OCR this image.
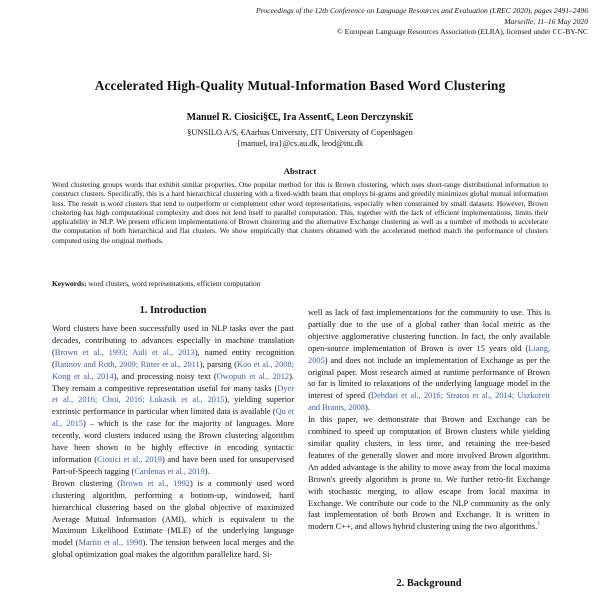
Proceedings of the 12th Conference on Language Resources and Evaluation (LREC 2020), pages 2491–2496
Marseille, 11–16 May 2020
© European Language Resources Association (ELRA), licensed under CC-BY-NC
Accelerated High-Quality Mutual-Information Based Word Clustering
Manuel R. Ciosici§€£, Ira Assent€, Leon Derczynski£
§UNSILO A/S, €Aarhus University, £IT University of Copenhagen
{manuel, ira}@cs.au.dk, leod@itu.dk
Abstract
Word clustering groups words that exhibit similar properties. One popular method for this is Brown clustering, which uses short-range distributional information to construct clusters. Specifically, this is a hard hierarchical clustering with a fixed-width beam that employs bi-grams and greedily minimizes global mutual information loss. The result is word clusters that tend to outperform or complement other word representations, especially when constrained by small datasets. However, Brown clustering has high computational complexity and does not lend itself to parallel computation. This, together with the lack of efficient implementations, limits their applicability in NLP. We present efficient implementations of Brown clustering and the alternative Exchange clustering as well as a number of methods to accelerate the computation of both hierarchical and flat clusters. We show empirically that clusters obtained with the accelerated method match the performance of clusters computed using the original methods.
Keywords: word clusters, word representations, efficient computation
1. Introduction

Word clusters have been successfully used in NLP tasks over the past decades, contributing to advances especially in machine translation (Brown et al., 1993; Auli et al., 2013), named entity recognition (Ratinov and Roth, 2009; Ritter et al., 2011), parsing (Koo et al., 2008; Kong et al., 2014), and processing noisy text (Owoputi et al., 2012). They remain a competitive representation useful for many tasks (Dyer et al., 2016; Choi, 2016; Lukasik et al., 2015), yielding superior extrinsic performance in particular when limited data is available (Qu et al., 2015) – which is the case for the majority of languages. More recently, word clusters induced using the Brown clustering algorithm have been shown to be highly effective in encoding syntactic information (Ciosici et al., 2019) and have been used for unsupervised Part-of-Speech tagging (Cardenas et al., 2019).

Brown clustering (Brown et al., 1992) is a commonly used word clustering algorithm, performing a bottom-up, windowed, hard hierarchical clustering based on the global objective of maximized Average Mutual Information (AMI), which is equivalent to the Maximum Likelihood Estimate (MLE) of the underlying language model (Martin et al., 1998). The tension between local merges and the global optimization goal makes the algorithm parallelize hard. Si-

well as lack of fast implementations for the community to use. This is partially due to the use of a global rather than local metric as the objective agglomerative clustering function. In fact, the only available open-source implementation of Brown is over 15 years old (Liang, 2005) and does not include an implementation of Exchange as per the original paper. Most research aimed at runtime performance of Brown so far is limited to relaxations of the underlying language model in the interest of speed (Dehdari et al., 2016; Stratos et al., 2014; Uszkoreit and Brants, 2008).

In this paper, we demonstrate that Brown and Exchange can be combined to speed up computation of Brown clusters while yielding similar quality clusters, in less time, and retaining the tree-based features of the generally slower and more involved Brown algorithm. An added advantage is the ability to move away from the local maxima Brown's greedy algorithm is prone to. We further retro-fit Exchange with stochastic merging, to allow escape from local maxima in Exchange. We contribute our code to the NLP community as the only fast implementation of both Brown and Exchange. It is written in modern C++, and allows hybrid clustering using the two algorithms.$^1$

2. Background
